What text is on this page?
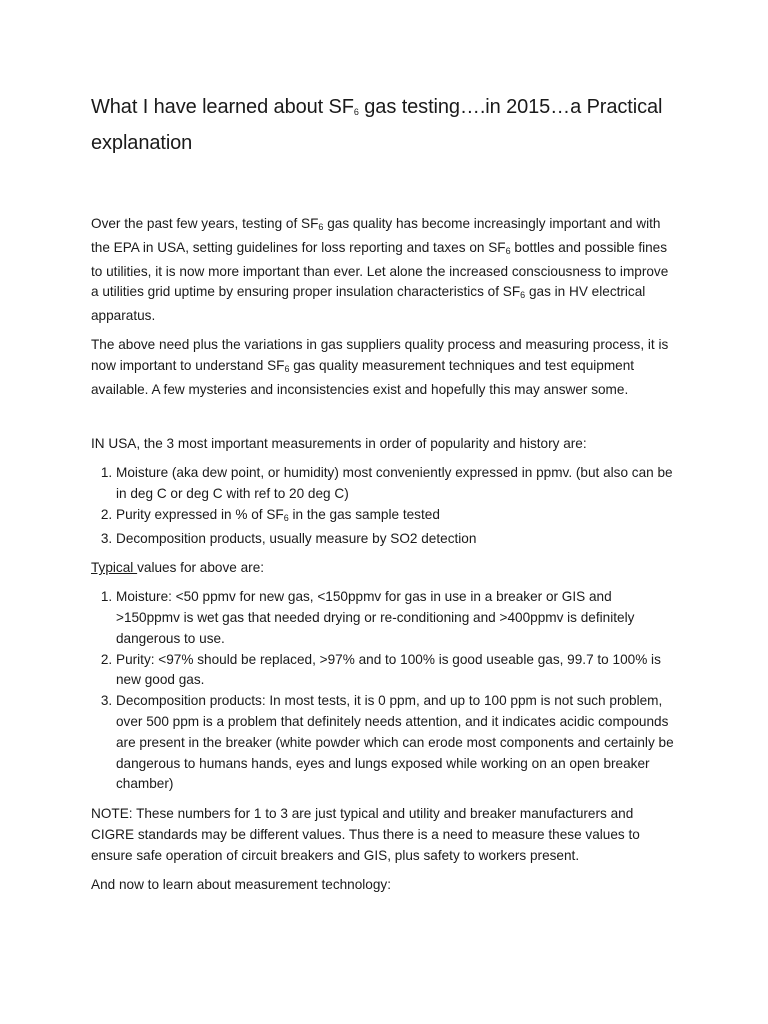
What I have learned about $SF_6$ gas testing….in 2015…a Practical explanation

Over the past few years, testing of $SF_6$ gas quality has become increasingly important and with the EPA in USA, setting guidelines for loss reporting and taxes on $SF_6$ bottles and possible fines to utilities, it is now more important than ever. Let alone the increased consciousness to improve a utilities grid uptime by ensuring proper insulation characteristics of $SF_6$ gas in HV electrical apparatus.

The above need plus the variations in gas suppliers quality process and measuring process, it is now important to understand $SF_6$ gas quality measurement techniques and test equipment available. A few mysteries and inconsistencies exist and hopefully this may answer some.

IN USA, the 3 most important measurements in order of popularity and history are:

1. Moisture (aka dew point, or humidity) most conveniently expressed in ppmv. (but also can be in deg C or deg C with ref to 20 deg C)
2. Purity expressed in % of $SF_6$ in the gas sample tested
3. Decomposition products, usually measure by SO2 detection

Typical values for above are:

1. Moisture: <50 ppmv for new gas, <150ppmv for gas in use in a breaker or GIS and >150ppmv is wet gas that needed drying or re-conditioning and >400ppmv is definitely dangerous to use.
2. Purity: <97% should be replaced, >97% and to 100% is good useable gas, 99.7 to 100% is new good gas.
3. Decomposition products: In most tests, it is 0 ppm, and up to 100 ppm is not such problem, over 500 ppm is a problem that definitely needs attention, and it indicates acidic compounds are present in the breaker (white powder which can erode most components and certainly be dangerous to humans hands, eyes and lungs exposed while working on an open breaker chamber)

NOTE: These numbers for 1 to 3 are just typical and utility and breaker manufacturers and CIGRE standards may be different values. Thus there is a need to measure these values to ensure safe operation of circuit breakers and GIS, plus safety to workers present.

And now to learn about measurement technology:
